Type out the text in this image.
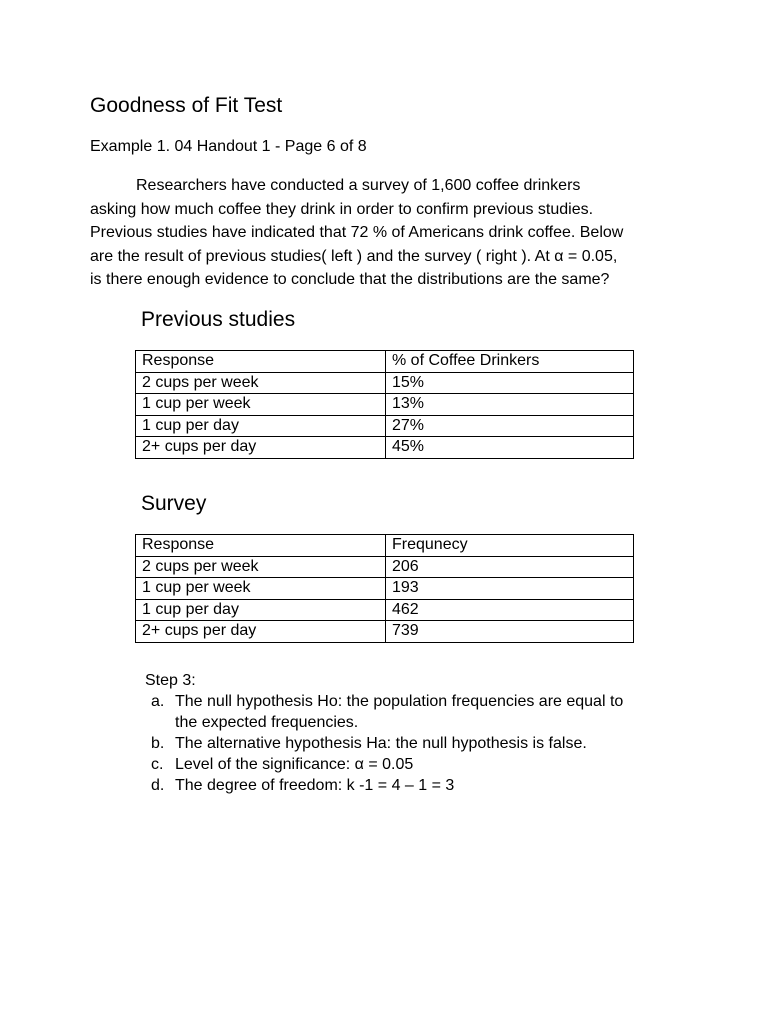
Goodness of Fit Test
Example 1. 04 Handout 1 - Page 6 of 8
Researchers have conducted a survey of 1,600 coffee drinkers
asking how much coffee they drink in order to confirm previous studies.
Previous studies have indicated that 72 % of Americans drink coffee. Below
are the result of previous studies( left ) and the survey ( right ). At α = 0.05,
is there enough evidence to conclude that the distributions are the same?
Previous studies
Response	% of Coffee Drinkers
2 cups per week	15%
1 cup per week	13%
1 cup per day	27%
2+ cups per day	45%
Survey
Response	Frequnecy
2 cups per week	206
1 cup per week	193
1 cup per day	462
2+ cups per day	739
Step 3:
a. The null hypothesis Ho: the population frequencies are equal to
the expected frequencies.
b. The alternative hypothesis Ha: the null hypothesis is false.
c. Level of the significance: α = 0.05
d. The degree of freedom: k -1 = 4 – 1 = 3
